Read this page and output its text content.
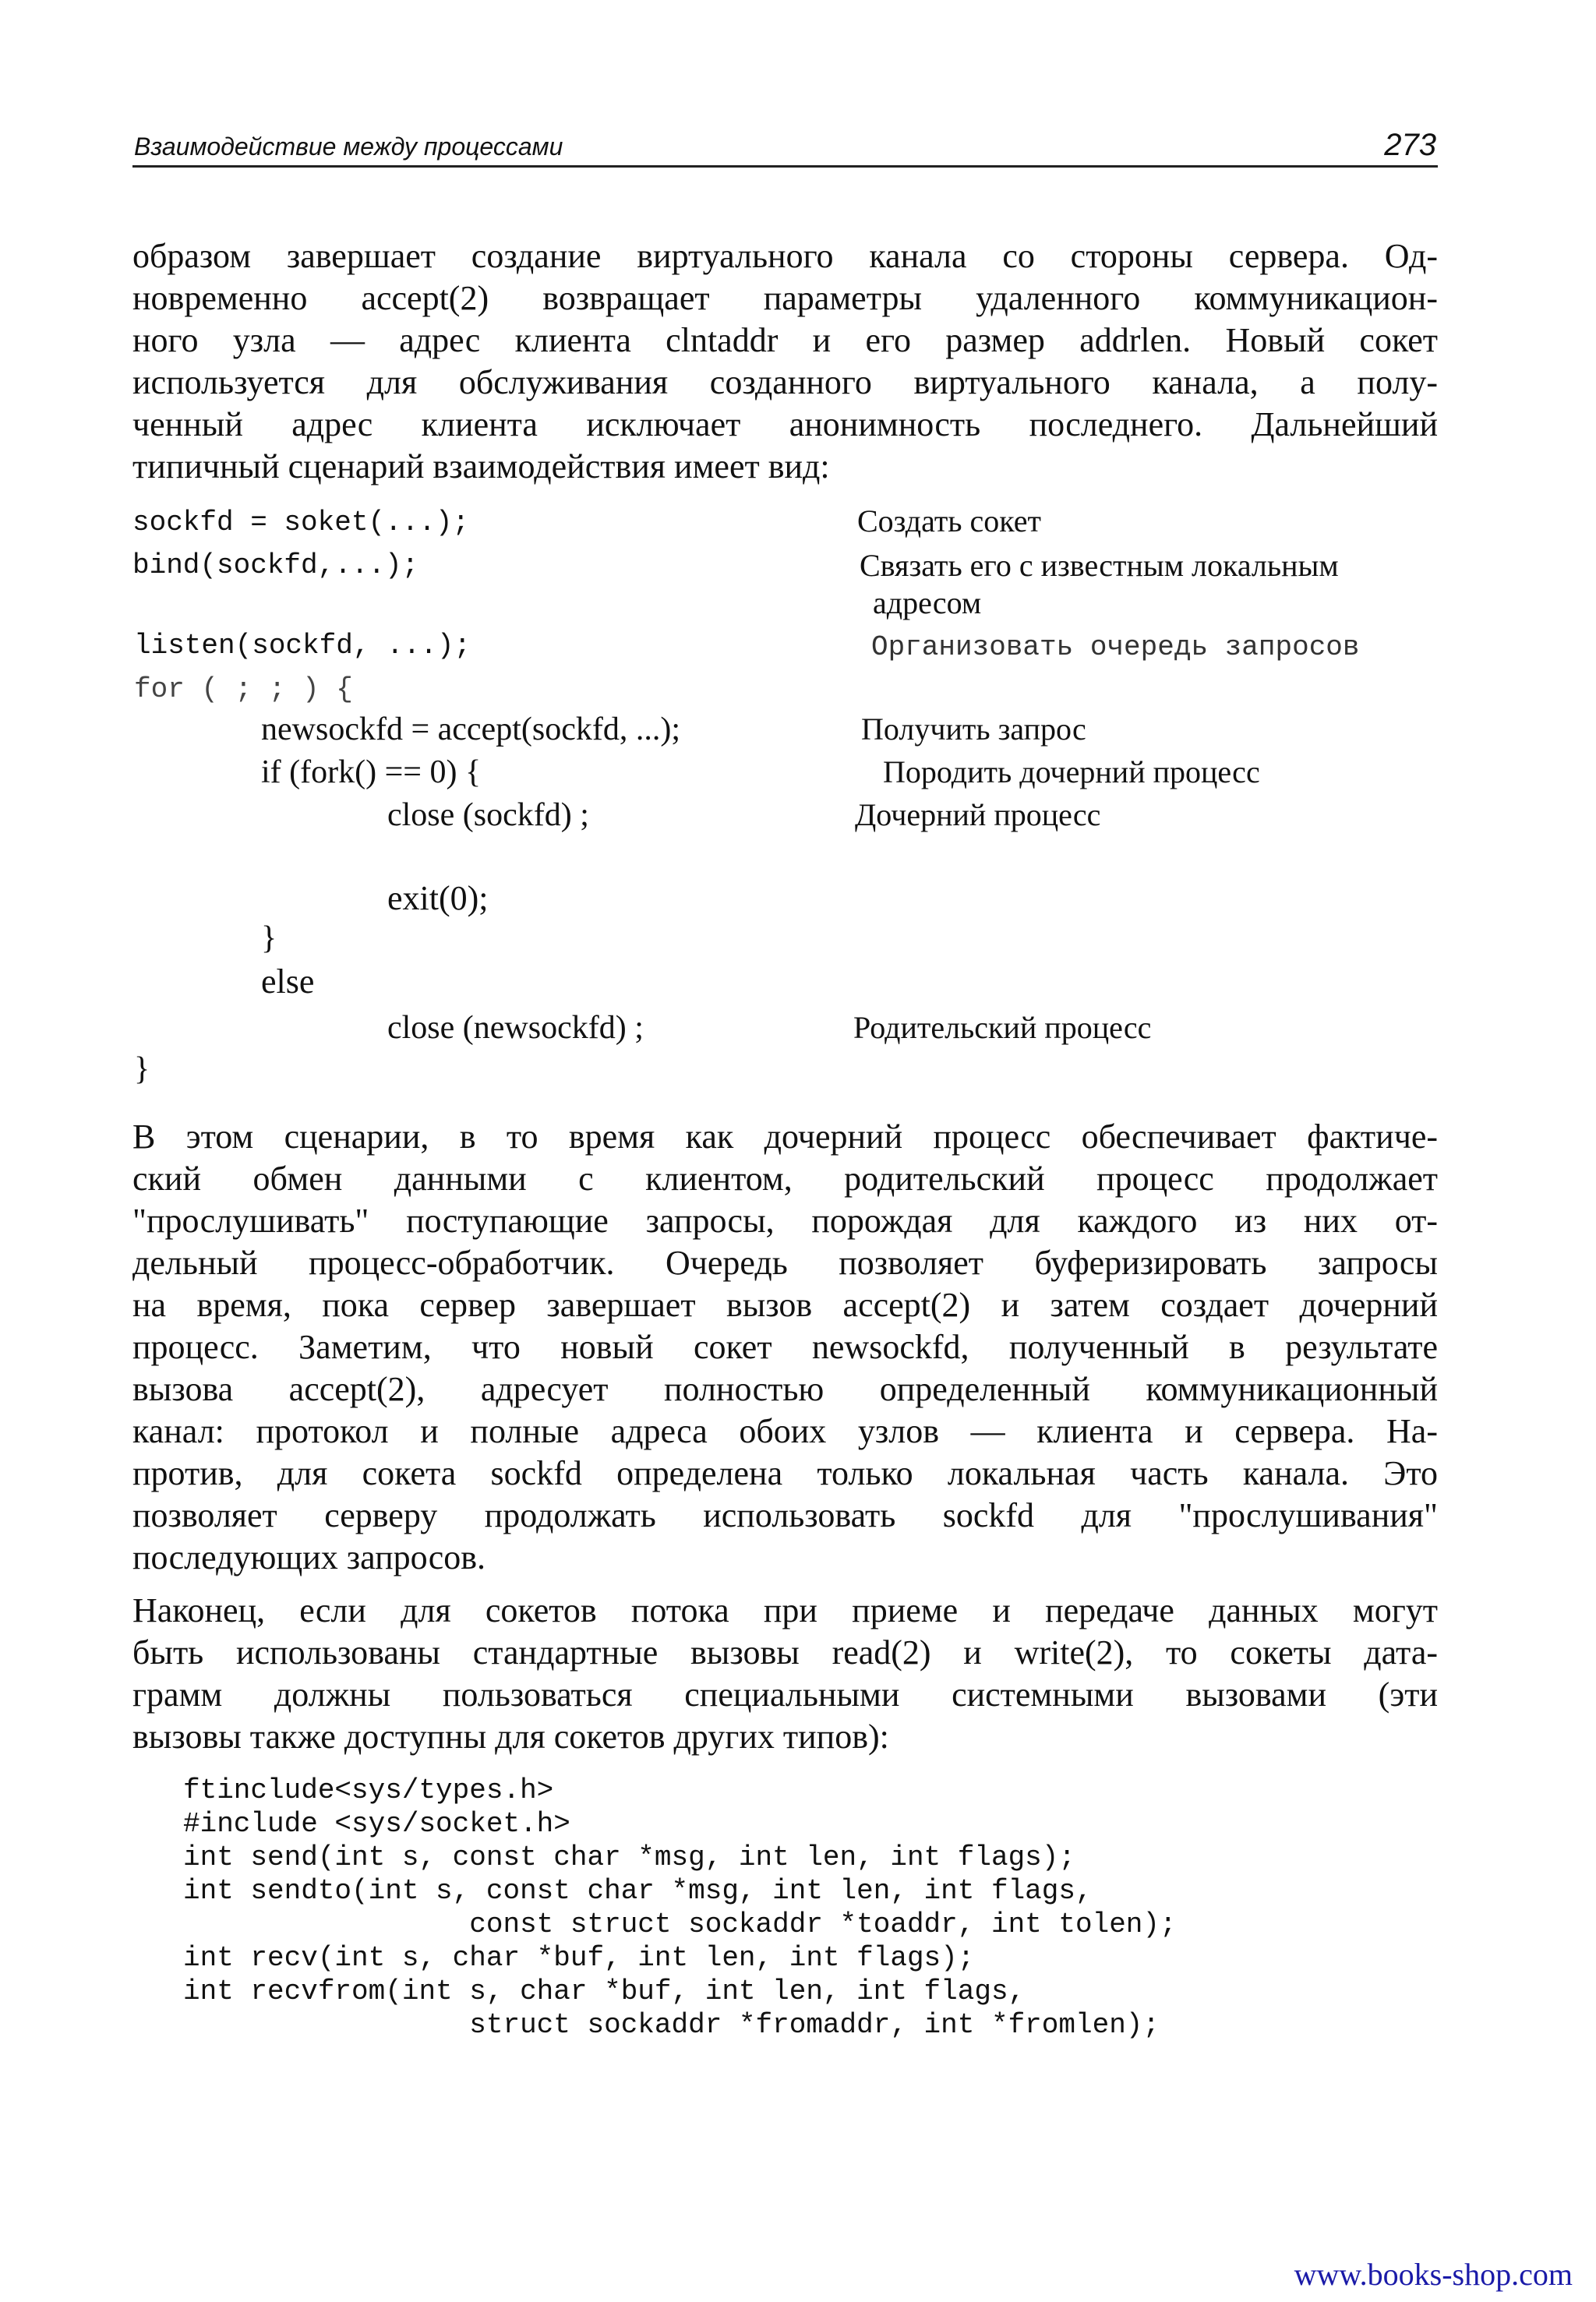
Взаимодействие между процессами	273
образом завершает создание виртуального канала со стороны сервера. Од-
новременно accept(2) возвращает параметры удаленного коммуникацион-
ного узла — адрес клиента clntaddr и его размер addrlen. Новый сокет
используется для обслуживания созданного виртуального канала, а полу-
ченный адрес клиента исключает анонимность последнего. Дальнейший
типичный сценарий взаимодействия имеет вид:
sockfd = soket(...);	Создать сокет
bind(sockfd,...);	Связать его с известным локальным
адресом
listen(sockfd, ...);	Организовать очередь запросов
for ( ; ; ) {
newsockfd = accept(sockfd, ...);	Получить запрос
if (fork() == 0) {	Породить дочерний процесс
close (sockfd) ;	Дочерний процесс
exit(0);
}
else
close (newsockfd) ;	Родительский процесс
}
В этом сценарии, в то время как дочерний процесс обеспечивает фактиче-
ский обмен данными с клиентом, родительский процесс продолжает
"прослушивать" поступающие запросы, порождая для каждого из них от-
дельный процесс-обработчик. Очередь позволяет буферизировать запросы
на время, пока сервер завершает вызов accept(2) и затем создает дочерний
процесс. Заметим, что новый сокет newsockfd, полученный в результате
вызова accept(2), адресует полностью определенный коммуникационный
канал: протокол и полные адреса обоих узлов — клиента и сервера. На-
против, для сокета sockfd определена только локальная часть канала. Это
позволяет серверу продолжать использовать sockfd для "прослушивания"
последующих запросов.
Наконец, если для сокетов потока при приеме и передаче данных могут
быть использованы стандартные вызовы read(2) и write(2), то сокеты дата-
грамм должны пользоваться специальными системными вызовами (эти
вызовы также доступны для сокетов других типов):
ftinclude<sys/types.h>
#include <sys/socket.h>
int send(int s, const char *msg, int len, int flags);
int sendto(int s, const char *msg, int len, int flags,
const struct sockaddr *toaddr, int tolen);
int recv(int s, char *buf, int len, int flags);
int recvfrom(int s, char *buf, int len, int flags,
struct sockaddr *fromaddr, int *fromlen);
www.books-shop.com
